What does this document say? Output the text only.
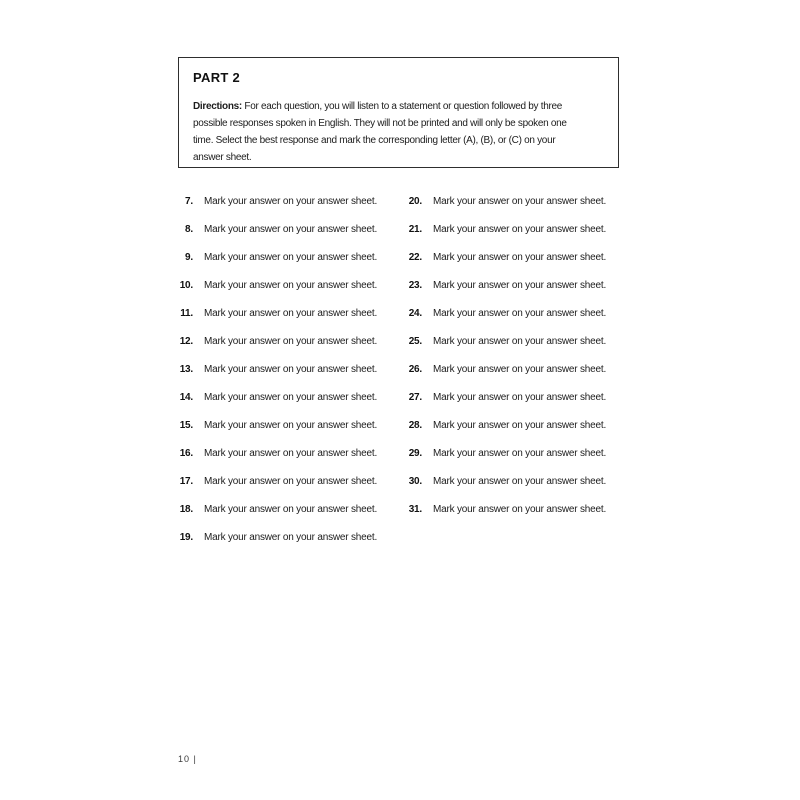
PART 2
Directions: For each question, you will listen to a statement or question followed by three
possible responses spoken in English. They will not be printed and will only be spoken one
time. Select the best response and mark the corresponding letter (A), (B), or (C) on your
answer sheet.
7. Mark your answer on your answer sheet.
8. Mark your answer on your answer sheet.
9. Mark your answer on your answer sheet.
10. Mark your answer on your answer sheet.
11. Mark your answer on your answer sheet.
12. Mark your answer on your answer sheet.
13. Mark your answer on your answer sheet.
14. Mark your answer on your answer sheet.
15. Mark your answer on your answer sheet.
16. Mark your answer on your answer sheet.
17. Mark your answer on your answer sheet.
18. Mark your answer on your answer sheet.
19. Mark your answer on your answer sheet.
20. Mark your answer on your answer sheet.
21. Mark your answer on your answer sheet.
22. Mark your answer on your answer sheet.
23. Mark your answer on your answer sheet.
24. Mark your answer on your answer sheet.
25. Mark your answer on your answer sheet.
26. Mark your answer on your answer sheet.
27. Mark your answer on your answer sheet.
28. Mark your answer on your answer sheet.
29. Mark your answer on your answer sheet.
30. Mark your answer on your answer sheet.
31. Mark your answer on your answer sheet.
10 |
